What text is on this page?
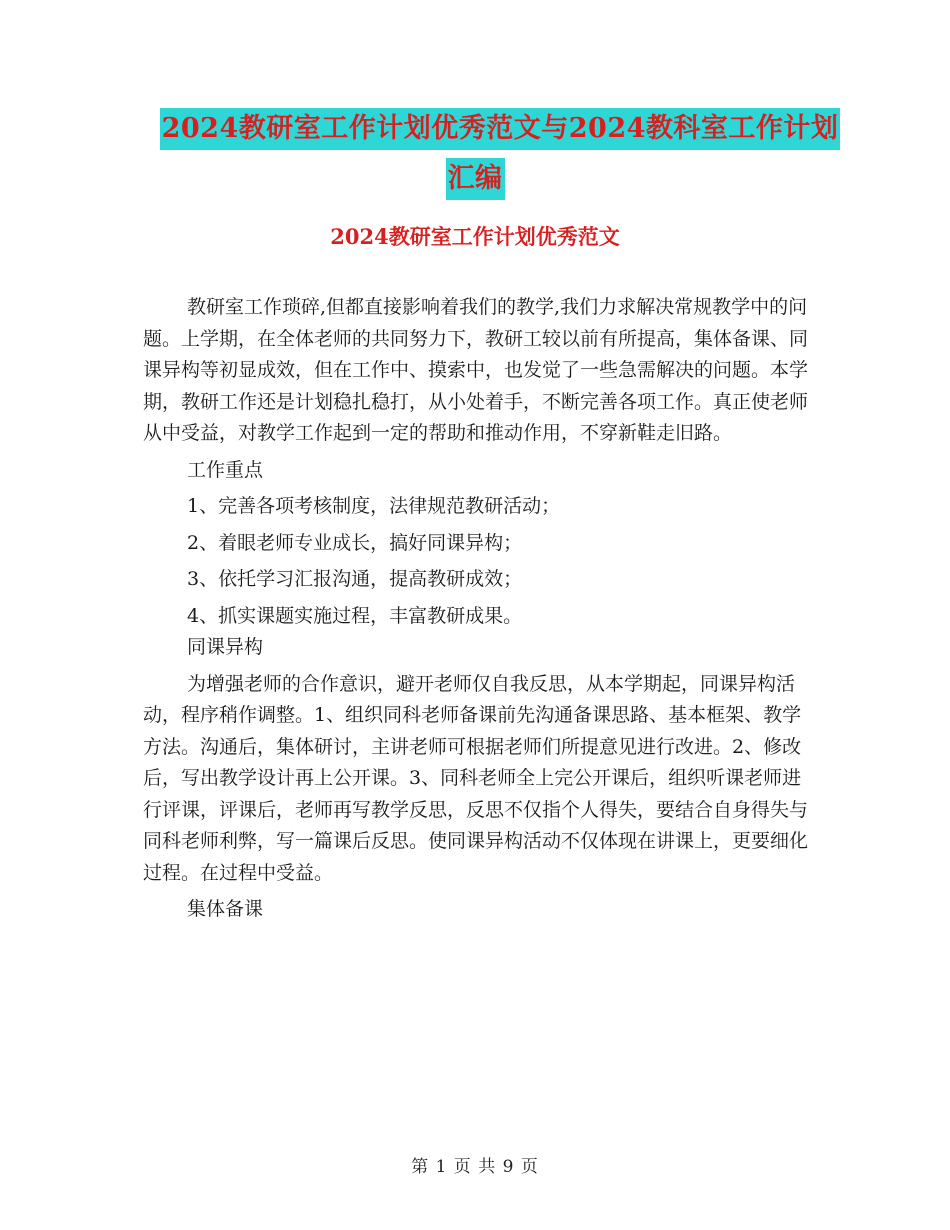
2024教研室工作计划优秀范文与2024教科室工作计划
汇编
2024教研室工作计划优秀范文

教研室工作琐碎,但都直接影响着我们的教学,我们力求解决常规教学中的问题。上学期，在全体老师的共同努力下，教研工较以前有所提高，集体备课、同课异构等初显成效，但在工作中、摸索中，也发觉了一些急需解决的问题。本学期，教研工作还是计划稳扎稳打，从小处着手，不断完善各项工作。真正使老师从中受益，对教学工作起到一定的帮助和推动作用，不穿新鞋走旧路。

工作重点

1、完善各项考核制度，法律规范教研活动；

2、着眼老师专业成长，搞好同课异构；

3、依托学习汇报沟通，提高教研成效；

4、抓实课题实施过程，丰富教研成果。

同课异构

为增强老师的合作意识，避开老师仅自我反思，从本学期起，同课异构活动，程序稍作调整。1、组织同科老师备课前先沟通备课思路、基本框架、教学方法。沟通后，集体研讨，主讲老师可根据老师们所提意见进行改进。2、修改后，写出教学设计再上公开课。3、同科老师全上完公开课后，组织听课老师进行评课，评课后，老师再写教学反思，反思不仅指个人得失，要结合自身得失与同科老师利弊，写一篇课后反思。使同课异构活动不仅体现在讲课上，更要细化过程。在过程中受益。

集体备课

第 1 页 共 9 页
